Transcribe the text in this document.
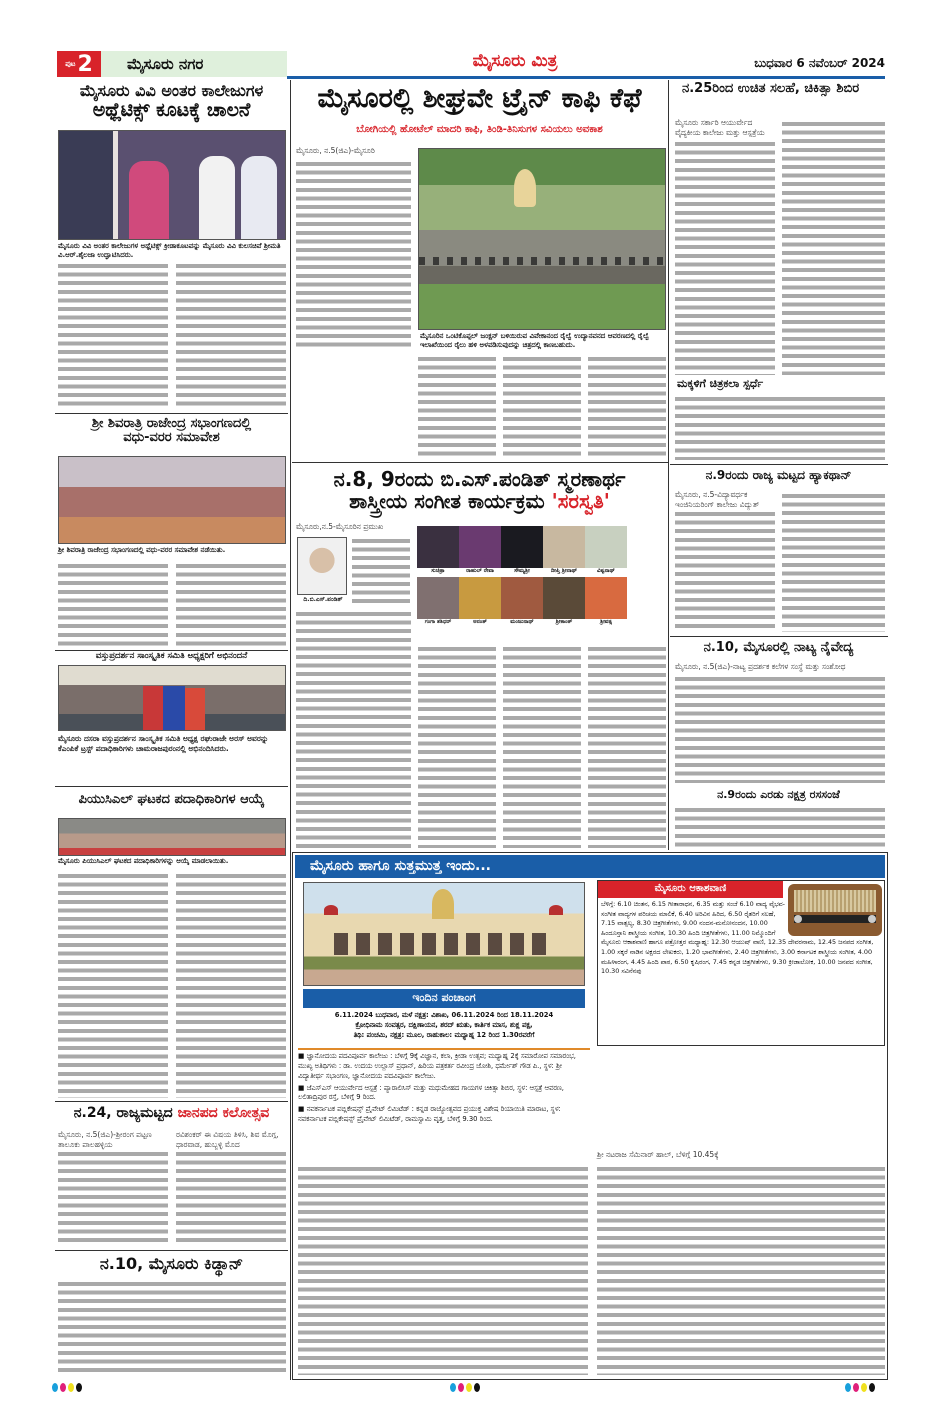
ಪುಟ 2	ಮೈಸೂರು ನಗರ	ಮೈಸೂರು ಮಿತ್ರ	ಬುಧವಾರ 6 ನವೆಂಬರ್ 2024
ಮೈಸೂರು ವಿವಿ ಅಂತರ ಕಾಲೇಜುಗಳ
ಅಥ್ಲೆಟಿಕ್ಸ್ ಕೂಟಕ್ಕೆ ಚಾಲನೆ
ಮೈಸೂರು ವಿವಿ ಅಂತರ ಕಾಲೇಜುಗಳ ಅಥ್ಲೆಟಿಕ್ಸ್ ಕ್ರೀಡಾಕೂಟವನ್ನು ಮೈಸೂರು ವಿವಿ ಕುಲಸಚಿವೆ ಶ್ರೀಮತಿ ವಿ.ಆರ್.ಶೈಲಜಾ ಉದ್ಘಾಟಿಸಿದರು.
ಶ್ರೀ ಶಿವರಾತ್ರಿ ರಾಜೇಂದ್ರ ಸಭಾಂಗಣದಲ್ಲಿ
ವಧು-ವರರ ಸಮಾವೇಶ
ಶ್ರೀ ಶಿವರಾತ್ರಿ ರಾಜೇಂದ್ರ ಸಭಾಂಗಣದಲ್ಲಿ ವಧು-ವರರ ಸಮಾವೇಶ ನಡೆಯಿತು.
ವಸ್ತುಪ್ರದರ್ಶನ ಸಾಂಸ್ಕೃತಿಕ ಸಮಿತಿ ಅಧ್ಯಕ್ಷರಿಗೆ ಅಭಿನಂದನೆ
ಮೈಸೂರು ದಸರಾ ವಸ್ತುಪ್ರದರ್ಶನ ಸಾಂಸ್ಕೃತಿಕ ಸಮಿತಿ ಅಧ್ಯಕ್ಷ ರಘುರಾಜೇ ಅರಸ್ ಅವರನ್ನು ಕೆಎಂಪಿಕೆ ಟ್ರಸ್ಟ್ ಪದಾಧಿಕಾರಿಗಳು ಚಾಮರಾಜಪುರಂನಲ್ಲಿ ಅಭಿನಂದಿಸಿದರು.
ಪಿಯುಸಿಎಲ್ ಘಟಕದ ಪದಾಧಿಕಾರಿಗಳ ಆಯ್ಕೆ
ಮೈಸೂರು ಪಿಯುಸಿಎಲ್ ಘಟಕದ ಪದಾಧಿಕಾರಿಗಳನ್ನು ಆಯ್ಕೆ ಮಾಡಲಾಯಿತು.
ನ.24, ರಾಜ್ಯಮಟ್ಟದ ಜಾನಪದ ಕಲೋತ್ಸವ
ಮೈಸೂರು, ನ.5(ಜಿಎ)-ಶ್ರೀರಂಗ ಪಟ್ಟಣ ತಾಲೂಕು ಪಾಲಹಳ್ಳಿಯ
ರವಿಶಂಕರ್ ಈ ವಿಷಯ ತಿಳಿಸಿ, ಶಿವ ಮೊಗ್ಗ, ಧಾರವಾಡ, ಹುಬ್ಬಳ್ಳಿ ಮೊದ
ನ.10, ಮೈಸೂರು ಕಿಡ್ಥಾನ್
ಮೈಸೂರಲ್ಲಿ ಶೀಘ್ರವೇ ಟ್ರೈನ್ ಕಾಫಿ ಕೆಫೆ
ಬೋಗಿಯಲ್ಲಿ ಹೋಟೆಲ್ ಮಾದರಿ ಕಾಫಿ, ತಿಂಡಿ-ತಿನಿಸುಗಳ ಸವಿಯಲು ಅವಕಾಶ
ಮೈಸೂರು, ನ.5(ಜಿಎ)-ಮೈಸೂರಿ
ಮೈಸೂರಿನ ಒಂಟಿಕೊಪ್ಪಲ್ ಜಂಕ್ಷನ್ ಬಳಿಯಿರುವ ವಿವೇಕಾನಂದ ರೈಲ್ವೆ ಉದ್ಯಾನವನದ ಆವರಣದಲ್ಲಿ ರೈಲ್ವೆ ಇಲಾಖೆಯಿಂದ ರೈಲು ಹಳಿ ಅಳವಡಿಸುವುದನ್ನು ಚಿತ್ರದಲ್ಲಿ ಕಾಣಬಹುದು.
ನ.8, 9ರಂದು ಬಿ.ಎಸ್.ಪಂಡಿತ್ ಸ್ಮರಣಾರ್ಥ
ಶಾಸ್ತ್ರೀಯ ಸಂಗೀತ ಕಾರ್ಯಕ್ರಮ 'ಸರಸ್ವತಿ'
ಮೈಸೂರು,ನ.5-ಮೈಸೂರಿನ ಪ್ರಮುಖ
ದಿ.ಬಿ.ಎಸ್.ಪಂಡಿತ್
ಸುಚಿತ್ರಾ	ರಾಹುಲ್ ರೇವಾ	ಸೌಮ್ಯಶ್ರೀ	ದೀಪ್ತಿ ಶ್ರೀನಾಥ್	ವಿಶ್ವನಾಥ್
ಗಂಗಾ ಶಶಿಧರ್	ಅನಂತ್	ಮಂಜುನಾಥ್	ಶ್ರೀಕಾಂತ್	ಶ್ರೀವತ್ಸ
ನ.25ರಿಂದ ಉಚಿತ ಸಲಹೆ, ಚಿಕಿತ್ಸಾ ಶಿಬಿರ
ಮೈಸೂರು ಸರ್ಕಾರಿ ಆಯುರ್ವೇದ ವೈದ್ಯಕೀಯ ಕಾಲೇಜು ಮತ್ತು ಆಸ್ಪತ್ರೆಯ
ಮಕ್ಕಳಿಗೆ ಚಿತ್ರಕಲಾ ಸ್ಪರ್ಧೆ
ನ.9ರಂದು ರಾಜ್ಯ ಮಟ್ಟದ ಹ್ಯಾಕಥಾನ್
ಮೈಸೂರು, ನ.5-ವಿದ್ಯಾವರ್ಧಕ ಇಂಜಿನಿಯರಿಂಗ್ ಕಾಲೇಜು ವಿದ್ಯುತ್
ನ.10, ಮೈಸೂರಲ್ಲಿ ನಾಟ್ಯ ನೈವೇದ್ಯ
ಮೈಸೂರು, ನ.5(ಜಿಎ)-ನಾಟ್ಯ ಪ್ರದರ್ಶಕ ಕಲೆಗಳ ಸಂಸ್ಥೆ ಮತ್ತು ಸಂಶೋಧ
ನ.9ರಂದು ಎರಡು ನಕ್ಷತ್ರ ರಸಸಂಜೆ
ಮೈಸೂರು ಹಾಗೂ ಸುತ್ತಮುತ್ತ ಇಂದು...
ಇಂದಿನ ಪಂಚಾಂಗ
6.11.2024 ಬುಧವಾರ, ಮಳೆ ನಕ್ಷತ್ರ: ವಿಶಾಖ, 06.11.2024 ರಿಂದ 18.11.2024
ಕ್ರೋಧಿನಾಮ ಸಂವತ್ಸರ, ದಕ್ಷಿಣಾಯನ, ಶರದ್ ಋತು, ಕಾರ್ತಿಕ ಮಾಸ, ಶುಕ್ಲ ಪಕ್ಷ,
ತಿಥಿ: ಪಂಚಮಿ, ನಕ್ಷತ್ರ: ಮೂಲ, ರಾಹುಕಾಲ: ಮಧ್ಯಾಹ್ನ 12 ರಿಂದ 1.30ರವರೆಗೆ

■ ಜ್ಞಾನೋದಯ ಪದವಿಪೂರ್ವ ಕಾಲೇಜು : ಬೆಳಿಗ್ಗೆ 9ಕ್ಕೆ ವಿಜ್ಞಾನ, ಕಲಾ, ಕ್ರೀಡಾ ಉತ್ಸವ; ಮಧ್ಯಾಹ್ನ 2ಕ್ಕೆ ಸಮಾರೋಪ ಸಮಾರಂಭ, ಮುಖ್ಯ ಅತಿಥಿಗಳು : ಡಾ. ಉದಯ ಉಲ್ಲಾಸ್ ಪ್ರಧಾನ್, ಹಿರಿಯ ಪತ್ರಕರ್ತ ರವೀಂದ್ರ ಜೋಶಿ, ಧರ್ಮೇಶ್ ಗೌಡ ಪಿ., ಸ್ಥಳ: ಶ್ರೀ ವಿದ್ಯಾತೀರ್ಥ ಸಭಾಂಗಣ, ಜ್ಞಾನೋದಯ ಪದವಿಪೂರ್ವ ಕಾಲೇಜು.

■ ಜೆಎಸ್ಎಸ್ ಆಯುರ್ವೇದ ಆಸ್ಪತ್ರೆ : ಪ್ಯಾರಾಲಿಸಿಸ್ ಮತ್ತು ಮಧುಮೇಹದ ಗಾಯಗಳ ಚಿಕಿತ್ಸಾ ಶಿಬಿರ, ಸ್ಥಳ: ಆಸ್ಪತ್ರೆ ಆವರಣ, ಲಲಿತಾದ್ರಿಪುರ ರಸ್ತೆ, ಬೆಳಿಗ್ಗೆ 9 ರಿಂದ.

■ ನವಕರ್ನಾಟಕ ಪಬ್ಲಿಕೇಷನ್ಸ್ ಪ್ರೈವೇಟ್ ಲಿಮಿಟೆಡ್ : ಕನ್ನಡ ರಾಜ್ಯೋತ್ಸವದ ಪ್ರಯುಕ್ತ ವಿಶೇಷ ರಿಯಾಯಿತಿ ಮಾರಾಟ, ಸ್ಥಳ: ನವಕರ್ನಾಟಕ ಪಬ್ಲಿಕೇಷನ್ಸ್ ಪ್ರೈವೇಟ್ ಲಿಮಿಟೆಡ್, ರಾಮಸ್ವಾಮಿ ವೃತ್ತ, ಬೆಳಿಗ್ಗೆ 9.30 ರಿಂದ.

ಮೈಸೂರು ಆಕಾಶವಾಣಿ
ಬೆಳಿಗ್ಗೆ: 6.10 ಚಿಂತನ, 6.15 ಗೀತಾರಾಧನ, 6.35 ಮತ್ತು ಸಂಜೆ 6.10 ವಾದ್ಯ ವೈಭವ-ಸಂಗೀತ ವಾದ್ಯಗಳ ಪರಿಚಯ ಮಾಲಿಕೆ, 6.40 ಅರಿವಿನ ಹಿರಿದ, 6.50 ರೈತರಿಗೆ ಸಲಹೆ, 7.15 ವಾತ್ಸಲ್ಯ, 8.30 ಚಿತ್ರಗೀತೆಗಳು, 9.00 ನಂದನ-ಮನೋನಂದನ, 10.00 ಹಿಂದೂಸ್ತಾನಿ ಶಾಸ್ತ್ರೀಯ ಸಂಗೀತ, 10.30 ಹಿಂದಿ ಚಿತ್ರಗೀತೆಗಳು, 11.00 ನಿಮ್ಮೊಂದಿಗೆ ಮೈಸೂರು ಆಕಾಶವಾಣಿ ಹಾಗೂ ಪತ್ರೋತ್ತರ ಮಧ್ಯಾಹ್ನ: 12.30 ಆಯುಷ್ ವಾಣಿ, 12.35 ದೇವರನಾಮ, 12.45 ಜನಪದ ಸಂಗೀತ, 1.00 ಸಕ್ಕರೆ ನಾಡಿನ ಅಕ್ಷರದ ಲೇಖಕರು, 1.20 ಭಾವಗೀತೆಗಳು, 2.40 ಚಿತ್ರಗೀತೆಗಳು, 3.00 ಕರ್ನಾಟಕ ಶಾಸ್ತ್ರೀಯ ಸಂಗೀತ, 4.00 ಮಹಿಳಾರಂಗ, 4.45 ಹಿಂದಿ ಪಾಠ, 6.50 ಕೃಷಿರಂಗ, 7.45 ಕನ್ನಡ ಚಿತ್ರಗೀತೆಗಳು, 9.30 ಕ್ರೀಡಾಲೋಕ, 10.00 ಜನಪದ ಸಂಗೀತ, 10.30 ಸವಿನೆನಪು
ಶ್ರೀ ನಟರಾಜ ಸೆಮಿನಾರ್ ಹಾಲ್, ಬೆಳಿಗ್ಗೆ 10.45ಕ್ಕೆ
